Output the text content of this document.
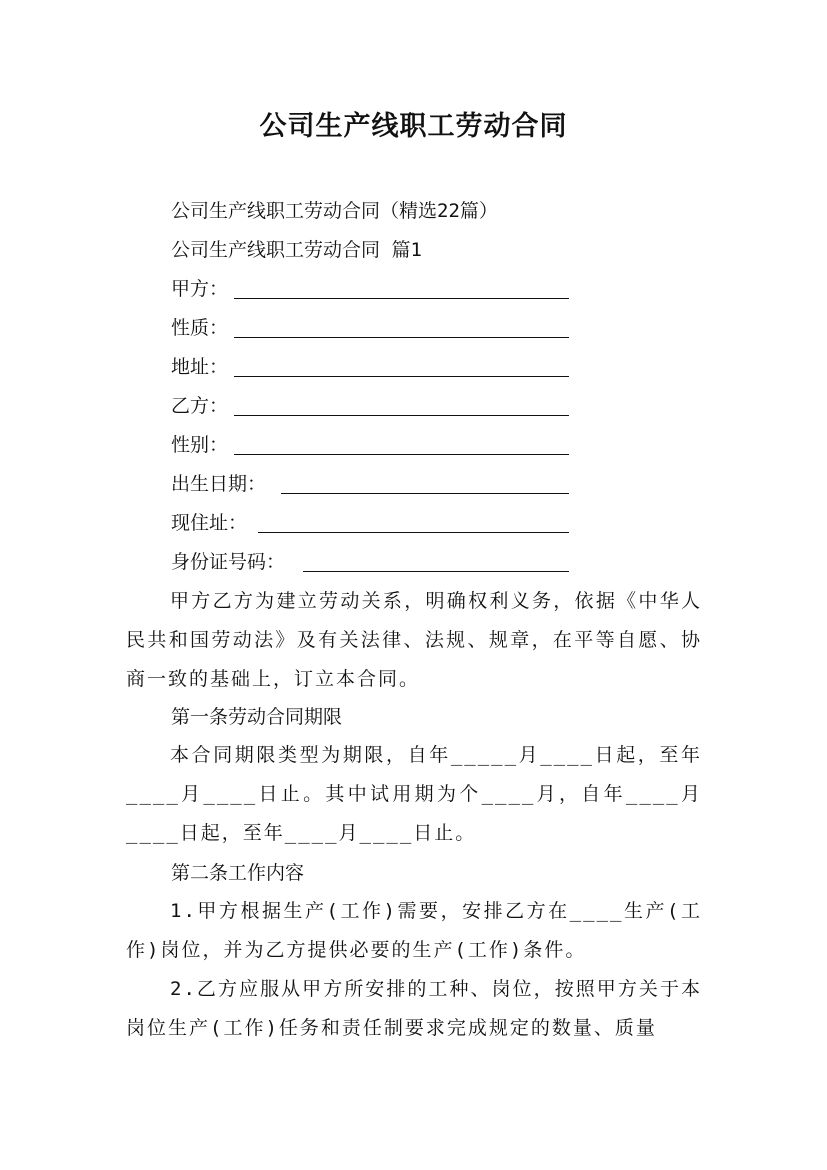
公司生产线职工劳动合同
公司生产线职工劳动合同（精选22篇）
公司生产线职工劳动合同 篇1
甲方：
性质：
地址：
乙方：
性别：
出生日期：
现住址：
身份证号码：
甲方乙方为建立劳动关系，明确权利义务，依据《中华人民共和国劳动法》及有关法律、法规、规章，在平等自愿、协商一致的基础上，订立本合同。
第一条劳动合同期限
本合同期限类型为期限，自年_____月____日起，至年____月____日止。其中试用期为个____月，自年____月____日起，至年____月____日止。
第二条工作内容
1.甲方根据生产(工作)需要，安排乙方在____生产(工作)岗位，并为乙方提供必要的生产(工作)条件。
2.乙方应服从甲方所安排的工种、岗位，按照甲方关于本岗位生产(工作)任务和责任制要求完成规定的数量、质量
